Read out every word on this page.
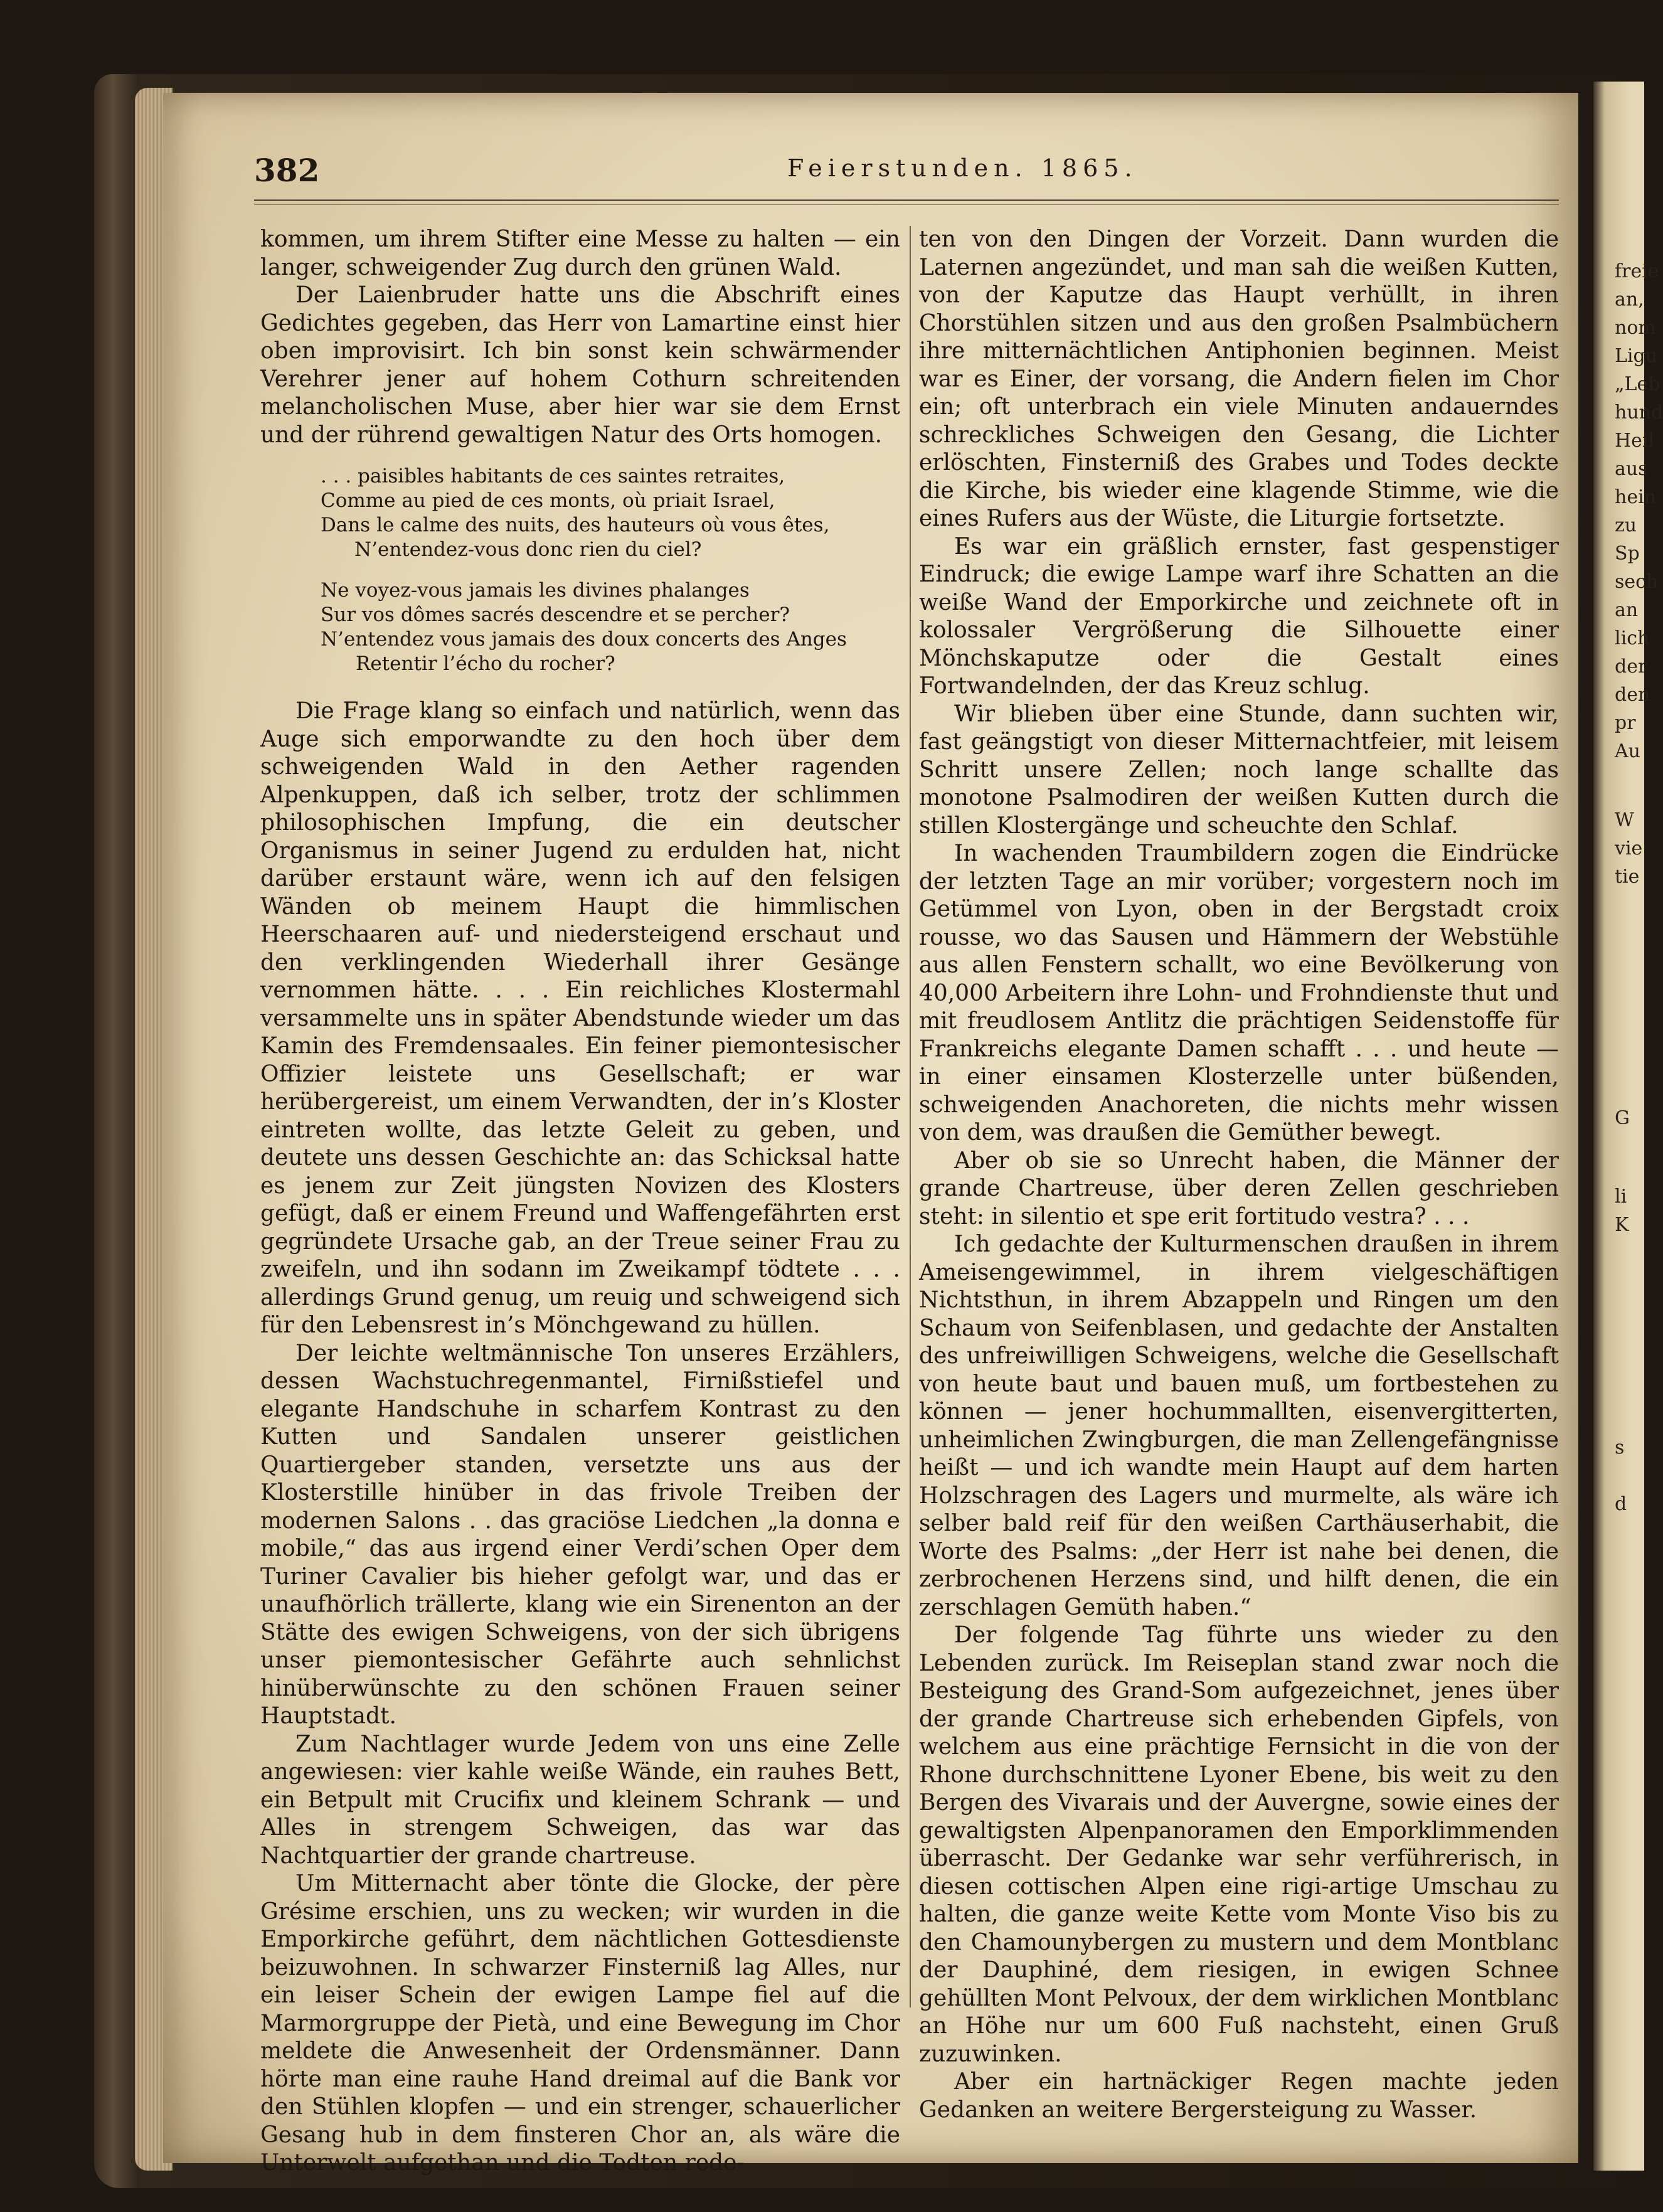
freie
an,
nom
Ligu
„Leb
hund
Heil
aus
hein
zu
Sp
sech
an
lich
der
den
pr
Au
W
vie
tie
G
li
K
s
d
382	Feierstunden. 1865.

kommen, um ihrem Stifter eine Messe zu halten — ein langer, schweigender Zug durch den grünen Wald.

Der Laienbruder hatte uns die Abschrift eines Gedichtes gegeben, das Herr von Lamartine einst hier oben improvisirt. Ich bin sonst kein schwärmender Verehrer jener auf hohem Cothurn schreitenden melancholischen Muse, aber hier war sie dem Ernst und der rührend gewaltigen Natur des Orts homogen.

. . . paisibles habitants de ces saintes retraites,
Comme au pied de ces monts, où priait Israel,
Dans le calme des nuits, des hauteurs où vous êtes,
N’entendez-vous donc rien du ciel?
Ne voyez-vous jamais les divines phalanges
Sur vos dômes sacrés descendre et se percher?
N’entendez vous jamais des doux concerts des Anges
Retentir l’écho du rocher?

Die Frage klang so einfach und natürlich, wenn das Auge sich emporwandte zu den hoch über dem schweigenden Wald in den Aether ragenden Alpenkuppen, daß ich selber, trotz der schlimmen philosophischen Impfung, die ein deutscher Organismus in seiner Jugend zu erdulden hat, nicht darüber erstaunt wäre, wenn ich auf den felsigen Wänden ob meinem Haupt die himmlischen Heerschaaren auf- und niedersteigend erschaut und den verklingenden Wiederhall ihrer Gesänge vernommen hätte. . . . Ein reichliches Klostermahl versammelte uns in später Abendstunde wieder um das Kamin des Fremdensaales. Ein feiner piemontesischer Offizier leistete uns Gesellschaft; er war herübergereist, um einem Verwandten, der in’s Kloster eintreten wollte, das letzte Geleit zu geben, und deutete uns dessen Geschichte an: das Schicksal hatte es jenem zur Zeit jüngsten Novizen des Klosters gefügt, daß er einem Freund und Waffengefährten erst gegründete Ursache gab, an der Treue seiner Frau zu zweifeln, und ihn sodann im Zweikampf tödtete . . . allerdings Grund genug, um reuig und schweigend sich für den Lebensrest in’s Mönchgewand zu hüllen.

Der leichte weltmännische Ton unseres Erzählers, dessen Wachstuchregenmantel, Firnißstiefel und elegante Handschuhe in scharfem Kontrast zu den Kutten und Sandalen unserer geistlichen Quartiergeber standen, versetzte uns aus der Klosterstille hinüber in das frivole Treiben der modernen Salons . . das graciöse Liedchen „la donna e mobile,“ das aus irgend einer Verdi’schen Oper dem Turiner Cavalier bis hieher gefolgt war, und das er unaufhörlich trällerte, klang wie ein Sirenenton an der Stätte des ewigen Schweigens, von der sich übrigens unser piemontesischer Gefährte auch sehnlichst hinüberwünschte zu den schönen Frauen seiner Hauptstadt.

Zum Nachtlager wurde Jedem von uns eine Zelle angewiesen: vier kahle weiße Wände, ein rauhes Bett, ein Betpult mit Crucifix und kleinem Schrank — und Alles in strengem Schweigen, das war das Nachtquartier der grande chartreuse.

Um Mitternacht aber tönte die Glocke, der père Grésime erschien, uns zu wecken; wir wurden in die Emporkirche geführt, dem nächtlichen Gottesdienste beizuwohnen. In schwarzer Finsterniß lag Alles, nur ein leiser Schein der ewigen Lampe fiel auf die Marmorgruppe der Pietà, und eine Bewegung im Chor meldete die Anwesenheit der Ordensmänner. Dann hörte man eine rauhe Hand dreimal auf die Bank vor den Stühlen klopfen — und ein strenger, schauerlicher Gesang hub in dem finsteren Chor an, als wäre die Unterwelt aufgethan und die Todten rede-

ten von den Dingen der Vorzeit. Dann wurden die Laternen angezündet, und man sah die weißen Kutten, von der Kaputze das Haupt verhüllt, in ihren Chorstühlen sitzen und aus den großen Psalmbüchern ihre mitternächtlichen Antiphonien beginnen. Meist war es Einer, der vorsang, die Andern fielen im Chor ein; oft unterbrach ein viele Minuten andauerndes schreckliches Schweigen den Gesang, die Lichter erlöschten, Finsterniß des Grabes und Todes deckte die Kirche, bis wieder eine klagende Stimme, wie die eines Rufers aus der Wüste, die Liturgie fortsetzte.

Es war ein gräßlich ernster, fast gespenstiger Eindruck; die ewige Lampe warf ihre Schatten an die weiße Wand der Emporkirche und zeichnete oft in kolossaler Vergrößerung die Silhouette einer Mönchskaputze oder die Gestalt eines Fortwandelnden, der das Kreuz schlug.

Wir blieben über eine Stunde, dann suchten wir, fast geängstigt von dieser Mitternachtfeier, mit leisem Schritt unsere Zellen; noch lange schallte das monotone Psalmodiren der weißen Kutten durch die stillen Klostergänge und scheuchte den Schlaf.

In wachenden Traumbildern zogen die Eindrücke der letzten Tage an mir vorüber; vorgestern noch im Getümmel von Lyon, oben in der Bergstadt croix rousse, wo das Sausen und Hämmern der Webstühle aus allen Fenstern schallt, wo eine Bevölkerung von 40,000 Arbeitern ihre Lohn- und Frohndienste thut und mit freudlosem Antlitz die prächtigen Seidenstoffe für Frankreichs elegante Damen schafft . . . und heute — in einer einsamen Klosterzelle unter büßenden, schweigenden Anachoreten, die nichts mehr wissen von dem, was draußen die Gemüther bewegt.

Aber ob sie so Unrecht haben, die Männer der grande Chartreuse, über deren Zellen geschrieben steht: in silentio et spe erit fortitudo vestra? . . .

Ich gedachte der Kulturmenschen draußen in ihrem Ameisengewimmel, in ihrem vielgeschäftigen Nichtsthun, in ihrem Abzappeln und Ringen um den Schaum von Seifenblasen, und gedachte der Anstalten des unfreiwilligen Schweigens, welche die Gesellschaft von heute baut und bauen muß, um fortbestehen zu können — jener hochummallten, eisenvergitterten, unheimlichen Zwingburgen, die man Zellengefängnisse heißt — und ich wandte mein Haupt auf dem harten Holzschragen des Lagers und murmelte, als wäre ich selber bald reif für den weißen Carthäuserhabit, die Worte des Psalms: „der Herr ist nahe bei denen, die zerbrochenen Herzens sind, und hilft denen, die ein zerschlagen Gemüth haben.“

Der folgende Tag führte uns wieder zu den Lebenden zurück. Im Reiseplan stand zwar noch die Besteigung des Grand-Som aufgezeichnet, jenes über der grande Chartreuse sich erhebenden Gipfels, von welchem aus eine prächtige Fernsicht in die von der Rhone durchschnittene Lyoner Ebene, bis weit zu den Bergen des Vivarais und der Auvergne, sowie eines der gewaltigsten Alpenpanoramen den Emporklimmenden überrascht. Der Gedanke war sehr verführerisch, in diesen cottischen Alpen eine rigi-artige Umschau zu halten, die ganze weite Kette vom Monte Viso bis zu den Chamounybergen zu mustern und dem Montblanc der Dauphiné, dem riesigen, in ewigen Schnee gehüllten Mont Pelvoux, der dem wirklichen Montblanc an Höhe nur um 600 Fuß nachsteht, einen Gruß zuzuwinken.

Aber ein hartnäckiger Regen machte jeden Gedanken an weitere Bergersteigung zu Wasser.
